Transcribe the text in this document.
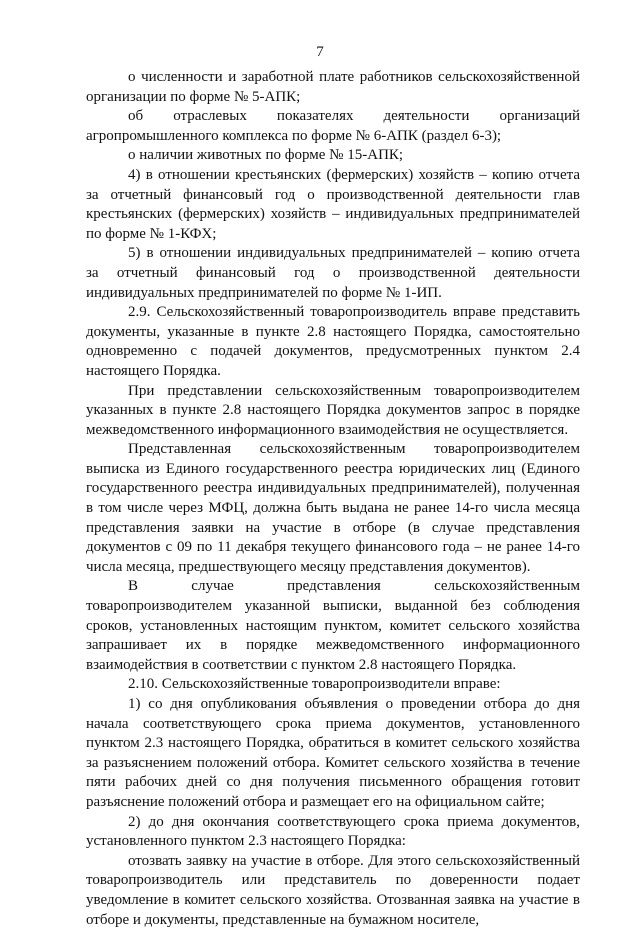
7

о численности и заработной плате работников сельскохозяйственной организации по форме № 5-АПК;

об отраслевых показателях деятельности организаций агропромышленного комплекса по форме № 6-АПК (раздел 6-3);

о наличии животных по форме № 15-АПК;

4) в отношении крестьянских (фермерских) хозяйств – копию отчета за отчетный финансовый год о производственной деятельности глав крестьянских (фермерских) хозяйств – индивидуальных предпринимателей по форме № 1-КФХ;

5) в отношении индивидуальных предпринимателей – копию отчета за отчетный финансовый год о производственной деятельности индивидуальных предпринимателей по форме № 1-ИП.

2.9. Сельскохозяйственный товаропроизводитель вправе представить документы, указанные в пункте 2.8 настоящего Порядка, самостоятельно одновременно с подачей документов, предусмотренных пунктом 2.4 настоящего Порядка.

При представлении сельскохозяйственным товаропроизводителем указанных в пункте 2.8 настоящего Порядка документов запрос в порядке межведомственного информационного взаимодействия не осуществляется.

Представленная сельскохозяйственным товаропроизводителем выписка из Единого государственного реестра юридических лиц (Единого государственного реестра индивидуальных предпринимателей), полученная в том числе через МФЦ, должна быть выдана не ранее 14-го числа месяца представления заявки на участие в отборе (в случае представления документов с 09 по 11 декабря текущего финансового года – не ранее 14-го числа месяца, предшествующего месяцу представления документов).

В случае представления сельскохозяйственным товаропроизводителем указанной выписки, выданной без соблюдения сроков, установленных настоящим пунктом, комитет сельского хозяйства запрашивает их в порядке межведомственного информационного взаимодействия в соответствии с пунктом 2.8 настоящего Порядка.

2.10. Сельскохозяйственные товаропроизводители вправе:

1) со дня опубликования объявления о проведении отбора до дня начала соответствующего срока приема документов, установленного пунктом 2.3 настоящего Порядка, обратиться в комитет сельского хозяйства за разъяснением положений отбора. Комитет сельского хозяйства в течение пяти рабочих дней со дня получения письменного обращения готовит разъяснение положений отбора и размещает его на официальном сайте;

2) до дня окончания соответствующего срока приема документов, установленного пунктом 2.3 настоящего Порядка:

отозвать заявку на участие в отборе. Для этого сельскохозяйственный товаропроизводитель или представитель по доверенности подает уведомление в комитет сельского хозяйства. Отозванная заявка на участие в отборе и документы, представленные на бумажном носителе,
